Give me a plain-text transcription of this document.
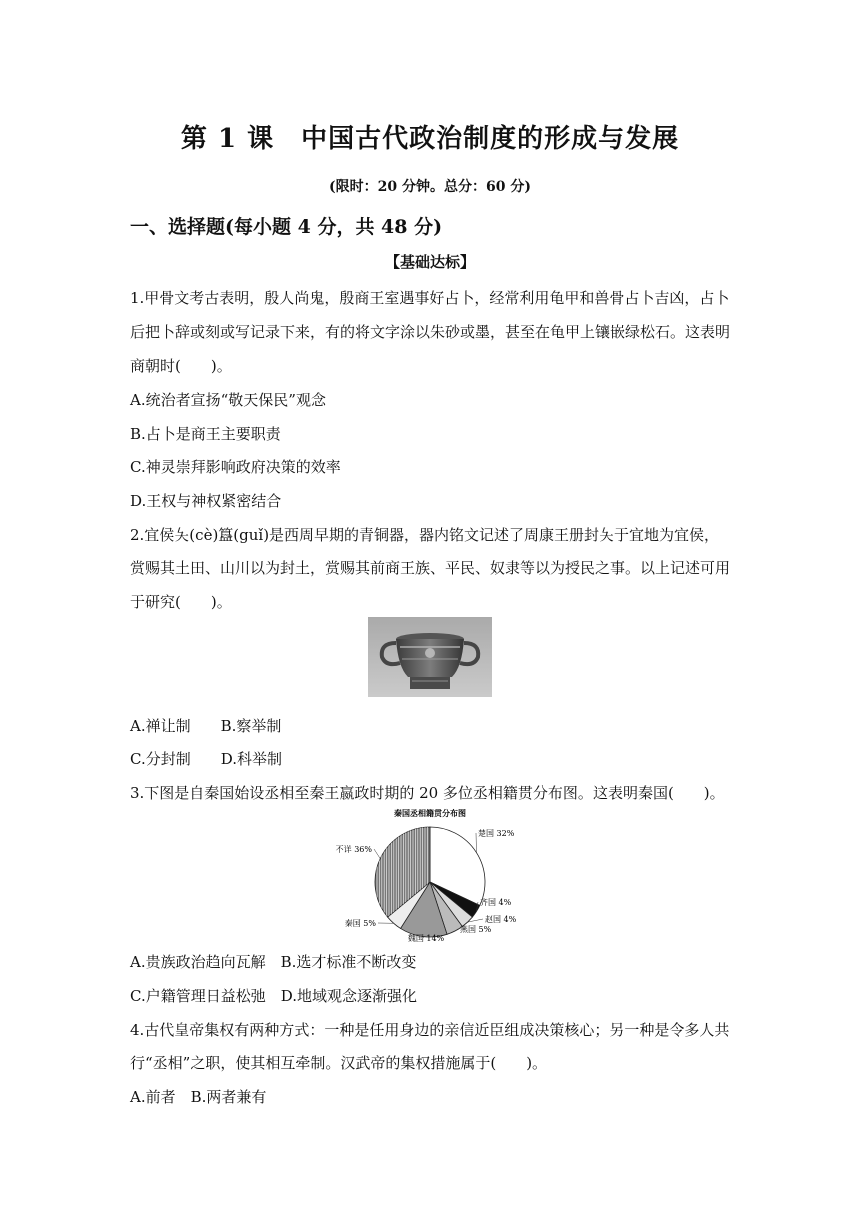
第 1 课　中国古代政治制度的形成与发展
(限时：20 分钟。总分：60 分)
一、选择题(每小题 4 分，共 48 分)
【基础达标】
1.甲骨文考古表明，殷人尚鬼，殷商王室遇事好占卜，经常利用龟甲和兽骨占卜吉凶，占卜
后把卜辞或刻或写记录下来，有的将文字涂以朱砂或墨，甚至在龟甲上镶嵌绿松石。这表明
商朝时(　　)。
A.统治者宣扬“敬天保民”观念
B.占卜是商王主要职责
C.神灵崇拜影响政府决策的效率
D.王权与神权紧密结合
2.宜侯夨(cè)簋(guǐ)是西周早期的青铜器，器内铭文记述了周康王册封夨于宜地为宜侯，
赏赐其土田、山川以为封土，赏赐其前商王族、平民、奴隶等以为授民之事。以上记述可用
于研究(　　)。
A.禅让制　　B.察举制
C.分封制　　D.科举制
3.下图是自秦国始设丞相至秦王嬴政时期的 20 多位丞相籍贯分布图。这表明秦国(　　)。
秦国丞相籍贯分布图
楚国 32%
齐国 4%
赵国 4%
燕国 5%
魏国 14%
秦国 5%
不详 36%
A.贵族政治趋向瓦解　B.选才标准不断改变
C.户籍管理日益松弛　D.地域观念逐渐强化
4.古代皇帝集权有两种方式：一种是任用身边的亲信近臣组成决策核心；另一种是令多人共
行“丞相”之职，使其相互牵制。汉武帝的集权措施属于(　　)。
A.前者　B.两者兼有
